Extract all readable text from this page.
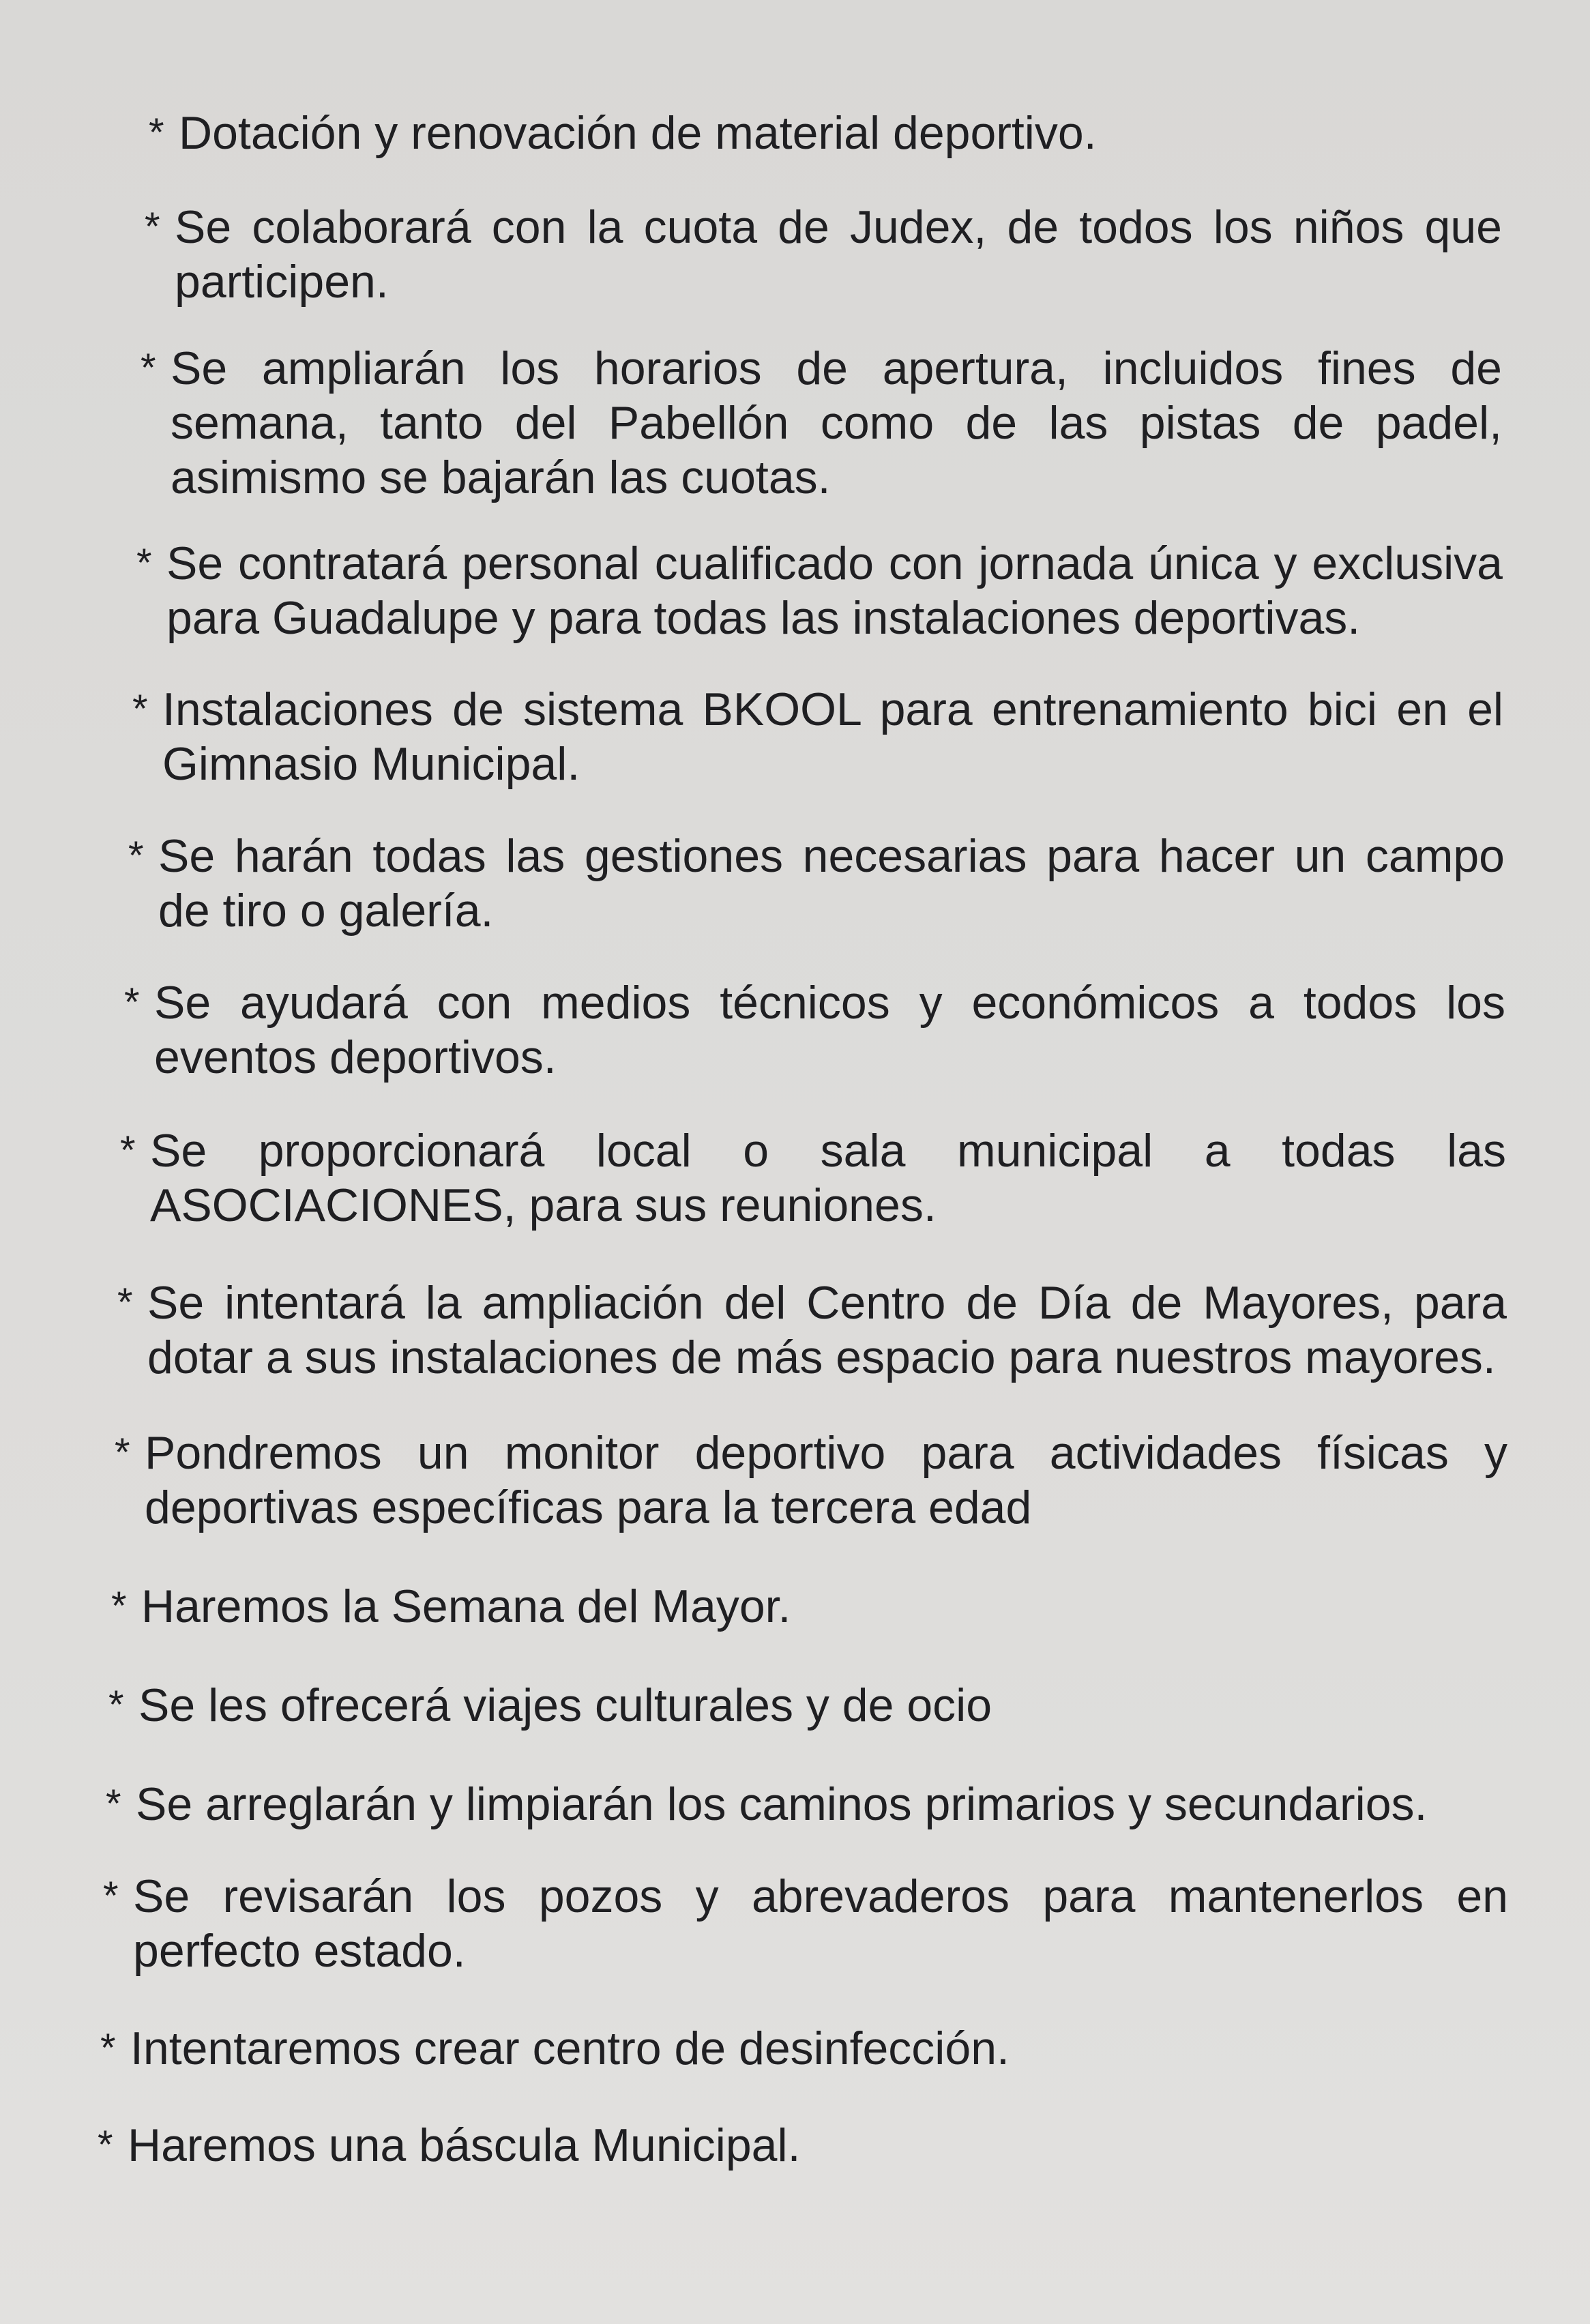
* Dotación y renovación de material deportivo.
* Se colaborará con la cuota de Judex, de todos los niños que participen.
* Se ampliarán los horarios de apertura, incluidos fines de semana, tanto del Pabellón como de las pistas de padel, asimismo se bajarán las cuotas.
* Se contratará personal cualificado con jornada única y exclusiva para Guadalupe y para todas las instalaciones deportivas.
* Instalaciones de sistema BKOOL para entrenamiento bici en el Gimnasio Municipal.
* Se harán todas las gestiones necesarias para hacer un campo de tiro o galería.
* Se ayudará con medios técnicos y económicos a todos los eventos deportivos.
* Se proporcionará local o sala municipal a todas las ASOCIACIONES, para sus reuniones.
* Se intentará la ampliación del Centro de Día de Mayores, para dotar a sus instalaciones de más espacio para nuestros mayores.
* Pondremos un monitor deportivo para actividades físicas y deportivas específicas para la tercera edad
* Haremos la Semana del Mayor.
* Se les ofrecerá viajes culturales y de ocio
* Se arreglarán y limpiarán los caminos primarios y secundarios.
* Se revisarán los pozos y abrevaderos para mantenerlos en perfecto estado.
* Intentaremos crear centro de desinfección.
* Haremos una báscula Municipal.
